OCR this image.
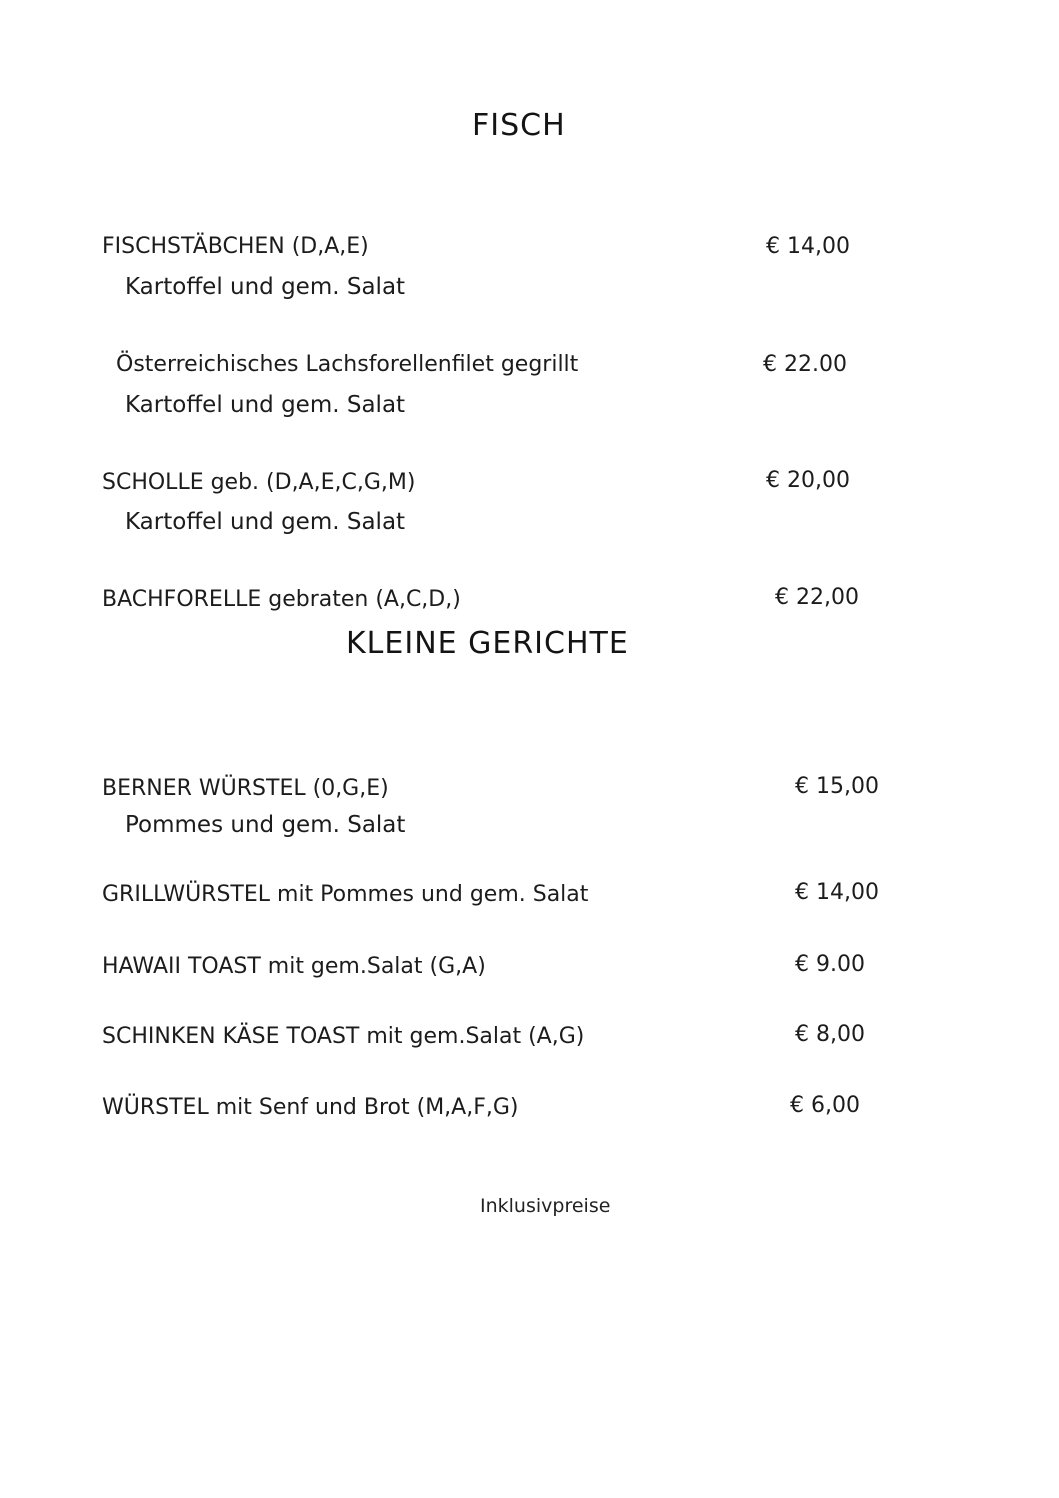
FISCH
FISCHSTÄBCHEN (D,A,E)	€ 14,00
Kartoffel und gem. Salat
Österreichisches Lachsforellenfilet gegrillt	€ 22.00
Kartoffel und gem. Salat
SCHOLLE geb. (D,A,E,C,G,M)	€ 20,00
Kartoffel und gem. Salat
BACHFORELLE gebraten (A,C,D,)	€ 22,00
KLEINE GERICHTE
BERNER WÜRSTEL (0,G,E)	€ 15,00
Pommes und gem. Salat
GRILLWÜRSTEL mit Pommes und gem. Salat	€ 14,00
HAWAII TOAST mit gem.Salat (G,A)	€ 9.00
SCHINKEN KÄSE TOAST mit gem.Salat (A,G)	€ 8,00
WÜRSTEL mit Senf und Brot (M,A,F,G)	€ 6,00
Inklusivpreise
